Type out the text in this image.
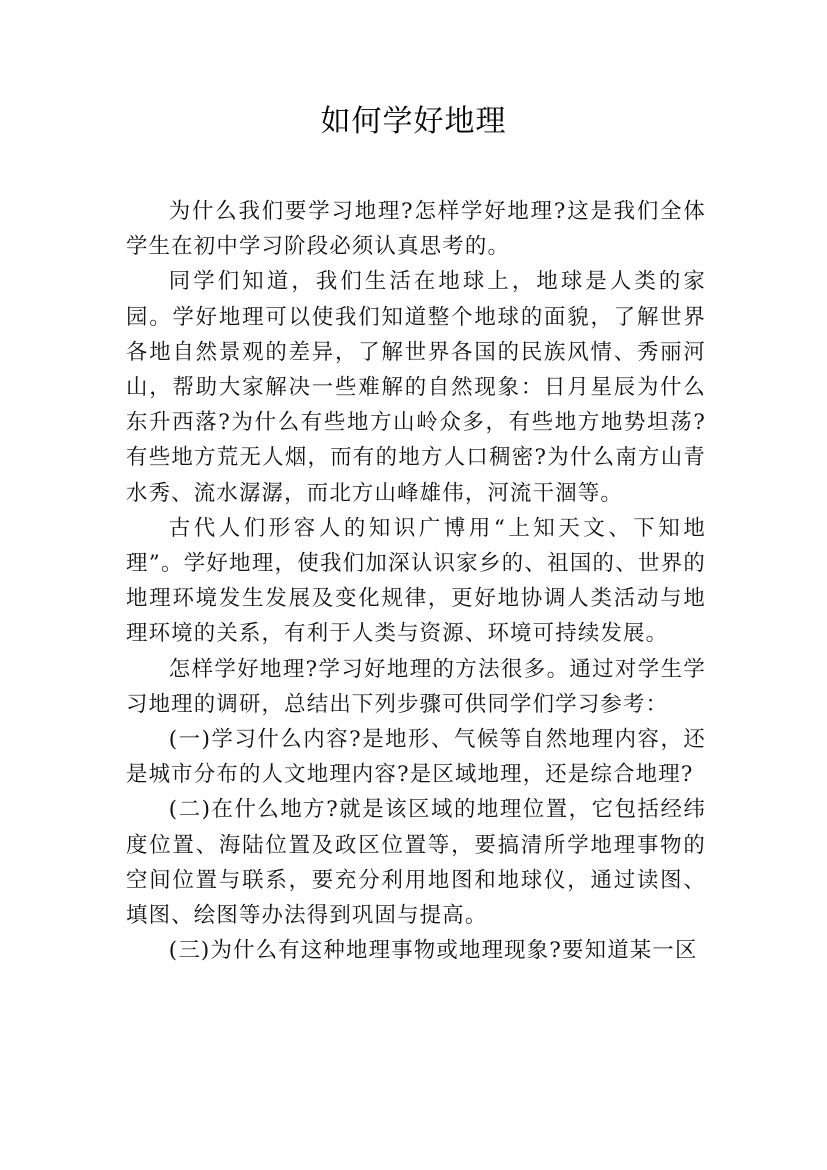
如何学好地理

为什么我们要学习地理?怎样学好地理?这是我们全体学生在初中学习阶段必须认真思考的。

同学们知道，我们生活在地球上，地球是人类的家园。学好地理可以使我们知道整个地球的面貌，了解世界各地自然景观的差异，了解世界各国的民族风情、秀丽河山，帮助大家解决一些难解的自然现象：日月星辰为什么东升西落?为什么有些地方山岭众多，有些地方地势坦荡?有些地方荒无人烟，而有的地方人口稠密?为什么南方山青水秀、流水潺潺，而北方山峰雄伟，河流干涸等。

古代人们形容人的知识广博用“上知天文、下知地理”。学好地理，使我们加深认识家乡的、祖国的、世界的地理环境发生发展及变化规律，更好地协调人类活动与地理环境的关系，有利于人类与资源、环境可持续发展。

怎样学好地理?学习好地理的方法很多。通过对学生学习地理的调研，总结出下列步骤可供同学们学习参考：

(一)学习什么内容?是地形、气候等自然地理内容，还是城市分布的人文地理内容?是区域地理，还是综合地理?

(二)在什么地方?就是该区域的地理位置，它包括经纬度位置、海陆位置及政区位置等，要搞清所学地理事物的空间位置与联系，要充分利用地图和地球仪，通过读图、填图、绘图等办法得到巩固与提高。

(三)为什么有这种地理事物或地理现象?要知道某一区
